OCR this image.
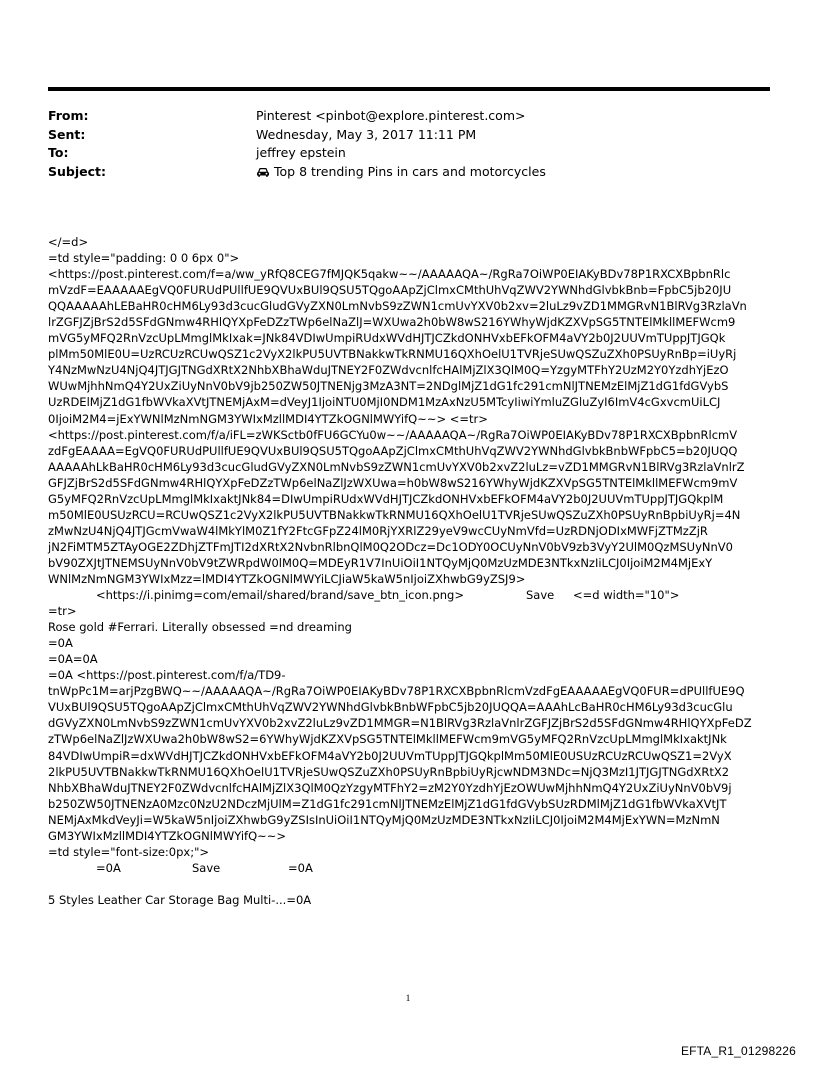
From:	Pinterest <pinbot@explore.pinterest.com>
Sent:	Wednesday, May 3, 2017 11:11 PM
To:	jeffrey epstein
Subject:	Top 8 trending Pins in cars and motorcycles
</=d>
=td style="padding: 0 0 6px 0">
<https://post.pinterest.com/f=a/ww_yRfQ8CEG7fMJQK5qakw~~/AAAAAQA~/RgRa7OiWP0EIAKyBDv78P1RXCXBpbnRlc
mVzdF=EAAAAAEgVQ0FURUdPUllfUE9QVUxBUl9QSU5TQgoAApZjClmxCMthUhVqZWV2YWNhdGlvbkBnb=FpbC5jb20JU
QQAAAAAhLEBaHR0cHM6Ly93d3cucGludGVyZXN0LmNvbS9zZWN1cmUvYXV0b2xv=2luLz9vZD1MMGRvN1BlRVg3RzlaVn
lrZGFJZjBrS2d5SFdGNmw4RHlQYXpFeDZzTWp6elNaZlJ=WXUwa2h0bW8wS216YWhyWjdKZXVpSG5TNTElMkllMEFWcm9
mVG5yMFQ2RnVzcUpLMmglMkIxak=JNk84VDIwUmpiRUdxWVdHJTJCZkdONHVxbEFkOFM4aVY2b0J2UUVmTUppJTJGQk
plMm50MlE0U=UzRCUzRCUwQSZ1c2VyX2lkPU5UVTBNakkwTkRNMU16QXhOelU1TVRjeSUwQSZuZXh0PSUyRnBp=iUyRj
Y4NzMwNzU4NjQ4JTJGJTNGdXRtX2NhbXBhaWduJTNEY2F0ZWdvcnlfcHAlMjZlX3QlM0Q=YzgyMTFhY2UzM2Y0YzdhYjEzO
WUwMjhhNmQ4Y2UxZiUyNnV0bV9jb250ZW50JTNENjg3MzA3NT=2NDglMjZ1dG1fc291cmNlJTNEMzElMjZ1dG1fdGVybS
UzRDElMjZ1dG1fbWVkaXVtJTNEMjAxM=dVeyJ1IjoiNTU0MjI0NDM1MzAxNzU5MTcyIiwiYmluZGluZyI6ImV4cGxvcmUiLCJ
0IjoiM2M4=jExYWNlMzNmNGM3YWIxMzllMDI4YTZkOGNlMWYifQ~~> <=tr>
<https://post.pinterest.com/f/a/iFL=zWKSctb0fFU6GCYu0w~~/AAAAAQA~/RgRa7OiWP0EIAKyBDv78P1RXCXBpbnRlcmV
zdFgEAAAA=EgVQ0FURUdPUllfUE9QVUxBUl9QSU5TQgoAApZjClmxCMthUhVqZWV2YWNhdGlvbkBnbWFpbC5=b20JUQQ
AAAAAhLkBaHR0cHM6Ly93d3cucGludGVyZXN0LmNvbS9zZWN1cmUvYXV0b2xvZ2luLz=vZD1MMGRvN1BlRVg3RzlaVnlrZ
GFJZjBrS2d5SFdGNmw4RHlQYXpFeDZzTWp6elNaZlJzWXUwa=h0bW8wS216YWhyWjdKZXVpSG5TNTElMkllMEFWcm9mV
G5yMFQ2RnVzcUpLMmglMkIxaktJNk84=DIwUmpiRUdxWVdHJTJCZkdONHVxbEFkOFM4aVY2b0J2UUVmTUppJTJGQkplM
m50MlE0USUzRCU=RCUwQSZ1c2VyX2lkPU5UVTBNakkwTkRNMU16QXhOelU1TVRjeSUwQSZuZXh0PSUyRnBpbiUyRj=4N
zMwNzU4NjQ4JTJGcmVwaW4lMkYlM0Z1fY2FtcGFpZ24lM0RjYXRlZ29yeV9wcCUyNmVfd=UzRDNjODIxMWFjZTMzZjR
jN2FiMTM5ZTAyOGE2ZDhjZTFmJTI2dXRtX2NvbnRlbnQlM0Q2ODcz=Dc1ODY0OCUyNnV0bV9zb3VyY2UlM0QzMSUyNnV0
bV90ZXJtJTNEMSUyNnV0bV9tZWRpdW0lM0Q=MDEyR1V7InUiOiI1NTQyMjQ0MzUzMDE3NTkxNzIiLCJ0IjoiM2M4MjExY
WNlMzNmNGM3YWIxMzz=lMDI4YTZkOGNlMWYiLCJiaW5kaW5nIjoiZXhwbG9yZSJ9>
<https://i.pinimg=com/email/shared/brand/save_btn_icon.png>	Save	<=d width="10">
=tr>
Rose gold #Ferrari. Literally obsessed =nd dreaming
=0A
=0A=0A
=0A <https://post.pinterest.com/f/a/TD9-
tnWpPc1M=arjPzgBWQ~~/AAAAAQA~/RgRa7OiWP0EIAKyBDv78P1RXCXBpbnRlcmVzdFgEAAAAAEgVQ0FUR=dPUllfUE9Q
VUxBUl9QSU5TQgoAApZjClmxCMthUhVqZWV2YWNhdGlvbkBnbWFpbC5jb20JUQQA=AAAhLcBaHR0cHM6Ly93d3cucGlu
dGVyZXN0LmNvbS9zZWN1cmUvYXV0b2xvZ2luLz9vZD1MMGR=N1BlRVg3RzlaVnlrZGFJZjBrS2d5SFdGNmw4RHlQYXpFeDZ
zTWp6elNaZlJzWXUwa2h0bW8wS2=6YWhyWjdKZXVpSG5TNTElMkllMEFWcm9mVG5yMFQ2RnVzcUpLMmglMkIxaktJNk
84VDIwUmpiR=dxWVdHJTJCZkdONHVxbEFkOFM4aVY2b0J2UUVmTUppJTJGQkplMm50MlE0USUzRCUzRCUwQSZ1=2VyX
2lkPU5UVTBNakkwTkRNMU16QXhOelU1TVRjeSUwQSZuZXh0PSUyRnBpbiUyRjcwNDM3NDc=NjQ3MzI1JTJGJTNGdXRtX2
NhbXBhaWduJTNEY2F0ZWdvcnlfcHAlMjZlX3QlM0QzYzgyMTFhY2=zM2Y0YzdhYjEzOWUwMjhhNmQ4Y2UxZiUyNnV0bV9j
b250ZW50JTNENzA0Mzc0NzU2NDczMjUlM=Z1dG1fc291cmNlJTNEMzElMjZ1dG1fdGVybSUzRDMlMjZ1dG1fbWVkaXVtJT
NEMjAxMkdVeyJi=W5kaW5nIjoiZXhwbG9yZSIsInUiOiI1NTQyMjQ0MzUzMDE3NTkxNzIiLCJ0IjoiM2M4MjExYWN=MzNmN
GM3YWIxMzllMDI4YTZkOGNlMWYifQ~~>
=td style="font-size:0px;">
=0A	Save	=0A
5 Styles Leather Car Storage Bag Multi-...=0A
1
EFTA_R1_01298226
